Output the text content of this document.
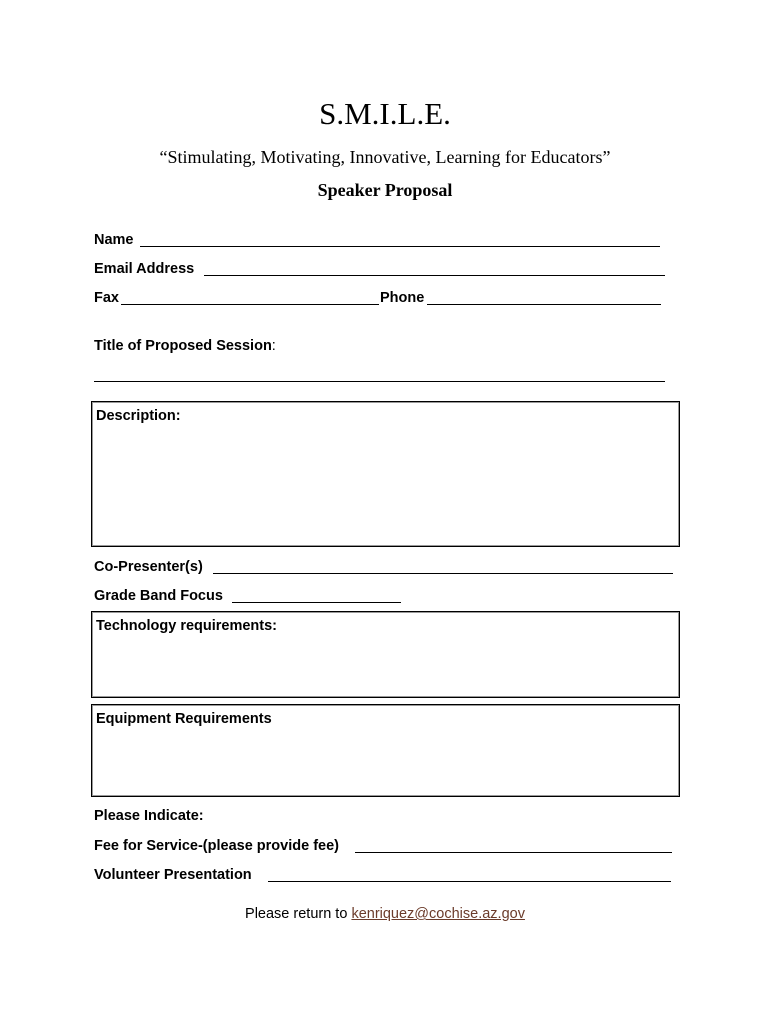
S.M.I.L.E.
“Stimulating, Motivating, Innovative, Learning for Educators”
Speaker Proposal
Name
Email Address
Fax	Phone
Title of Proposed Session:
Description:
Co-Presenter(s)
Grade Band Focus
Technology requirements:
Equipment Requirements
Please Indicate:
Fee for Service-(please provide fee)
Volunteer Presentation
Please return to kenriquez@cochise.az.gov
